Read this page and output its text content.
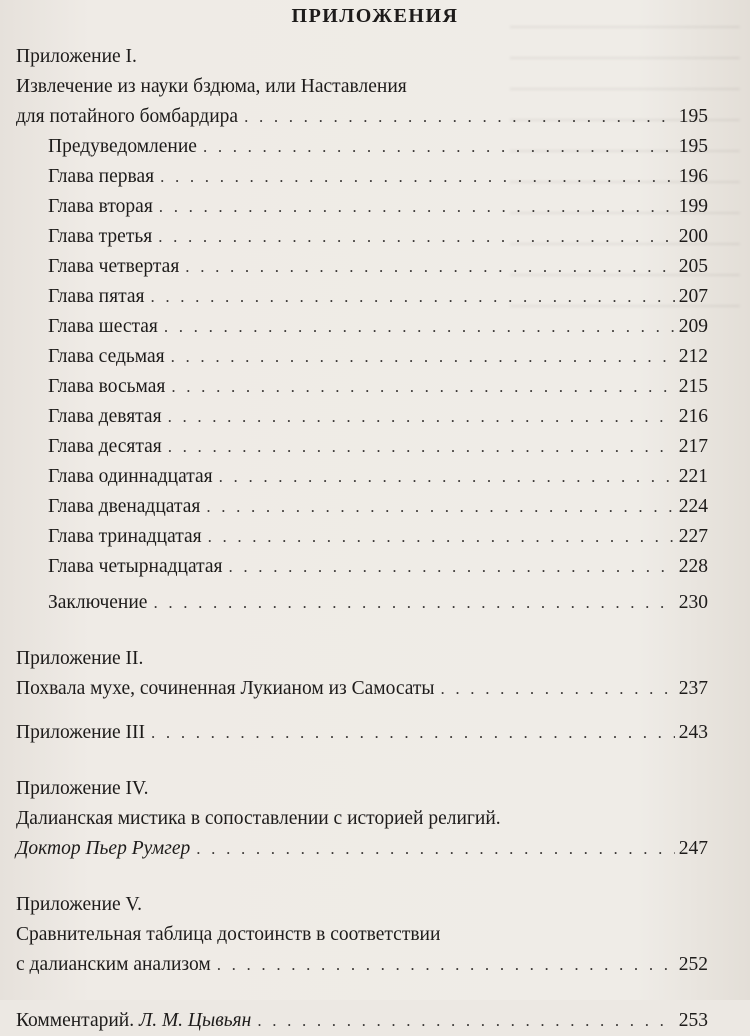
ПРИЛОЖЕНИЯ
Приложение I.
Извлечение из науки бздюма, или Наставления
для потайного бомбардира . . .	195
Предуведомление . . .	195
Глава первая . . .	196
Глава вторая . . .	199
Глава третья . . .	200
Глава четвертая . . .	205
Глава пятая . . .	207
Глава шестая . . .	209
Глава седьмая . . .	212
Глава восьмая . . .	215
Глава девятая . . .	216
Глава десятая . . .	217
Глава одиннадцатая . . .	221
Глава двенадцатая . . .	224
Глава тринадцатая . . .	227
Глава четырнадцатая . . .	228
Заключение . . .	230
Приложение II.
Похвала мухе, сочиненная Лукианом из Самосаты . . .	237
Приложение III . . .	243
Приложение IV.
Далианская мистика в сопоставлении с историей религий.
Доктор Пьер Румгер . . .	247
Приложение V.
Сравнительная таблица достоинств в соответствии
с далианским анализом . . .	252
Комментарий. Л. М. Цывьян . . .	253
